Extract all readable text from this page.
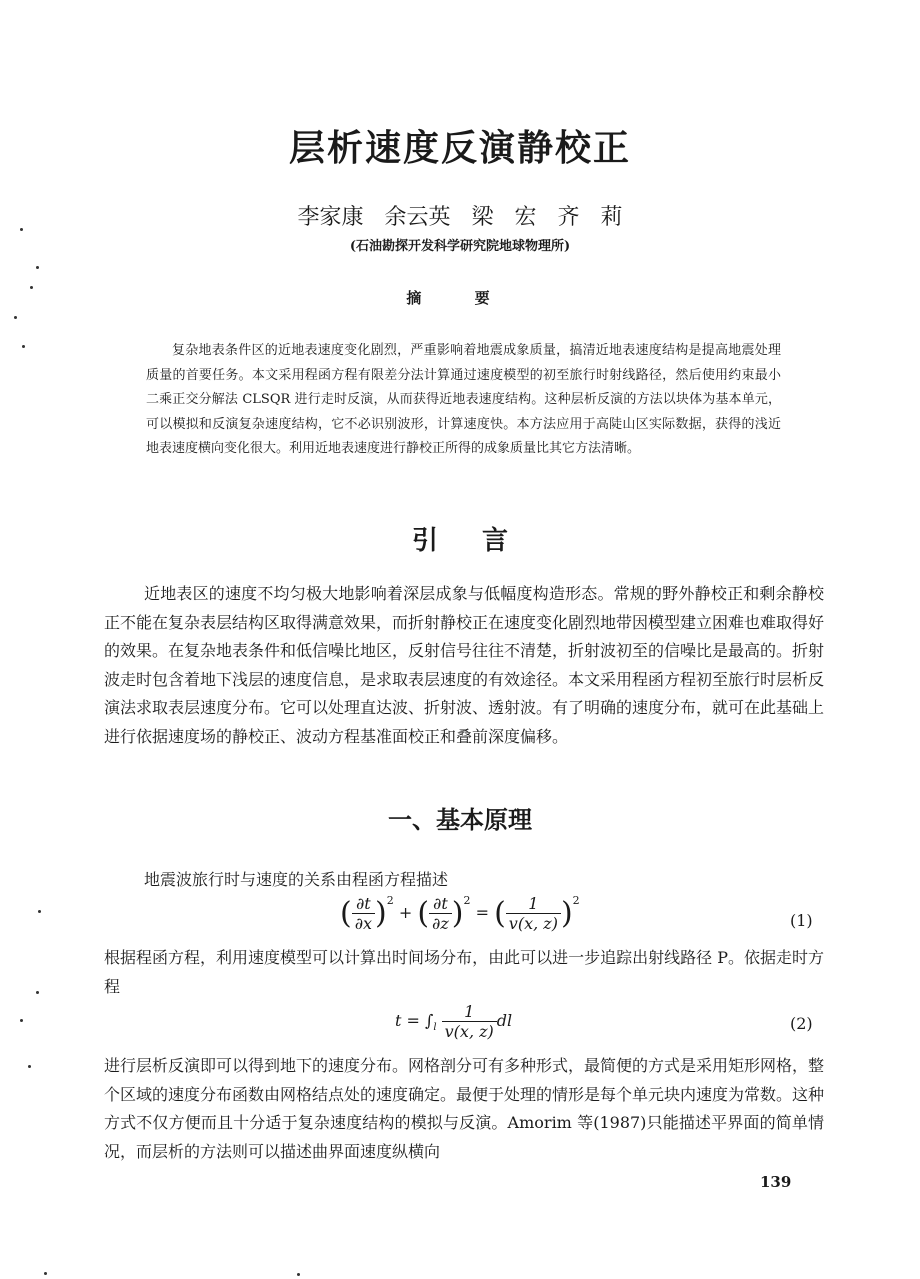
层析速度反演静校正
李家康 余云英 梁 宏 齐 莉
(石油勘探开发科学研究院地球物理所)
摘 要
复杂地表条件区的近地表速度变化剧烈，严重影响着地震成象质量，搞清近地表速度结构是提高地震处理质量的首要任务。本文采用程函方程有限差分法计算通过速度模型的初至旅行时射线路径，然后使用约束最小二乘正交分解法 CLSQR 进行走时反演，从而获得近地表速度结构。这种层析反演的方法以块体为基本单元，可以模拟和反演复杂速度结构，它不必识别波形，计算速度快。本方法应用于高陡山区实际数据，获得的浅近地表速度横向变化很大。利用近地表速度进行静校正所得的成象质量比其它方法清晰。
引言
近地表区的速度不均匀极大地影响着深层成象与低幅度构造形态。常规的野外静校正和剩余静校正不能在复杂表层结构区取得满意效果，而折射静校正在速度变化剧烈地带因模型建立困难也难取得好的效果。在复杂地表条件和低信噪比地区，反射信号往往不清楚，折射波初至的信噪比是最高的。折射波走时包含着地下浅层的速度信息，是求取表层速度的有效途径。本文采用程函方程初至旅行时层析反演法求取表层速度分布。它可以处理直达波、折射波、透射波。有了明确的速度分布，就可在此基础上进行依据速度场的静校正、波动方程基准面校正和叠前深度偏移。
一、基本原理
地震波旅行时与速度的关系由程函方程描述
( $\frac{\partial t}{\partial x} )^2$ + ( $\frac{\partial t}{\partial z} )^2$ = ( $\frac{1}{v(x, z)} )^2$
(1)
根据程函方程，利用速度模型可以计算出时间场分布，由此可以进一步追踪出射线路径 P。依据走时方程
$t = \int_l \frac{1}{v(x, z)}$ dl	(2)
进行层析反演即可以得到地下的速度分布。网格剖分可有多种形式，最简便的方式是采用矩形网格，整个区域的速度分布函数由网格结点处的速度确定。最便于处理的情形是每个单元块内速度为常数。这种方式不仅方便而且十分适于复杂速度结构的模拟与反演。Amorim 等(1987)只能描述平界面的简单情况，而层析的方法则可以描述曲界面速度纵横向
139
